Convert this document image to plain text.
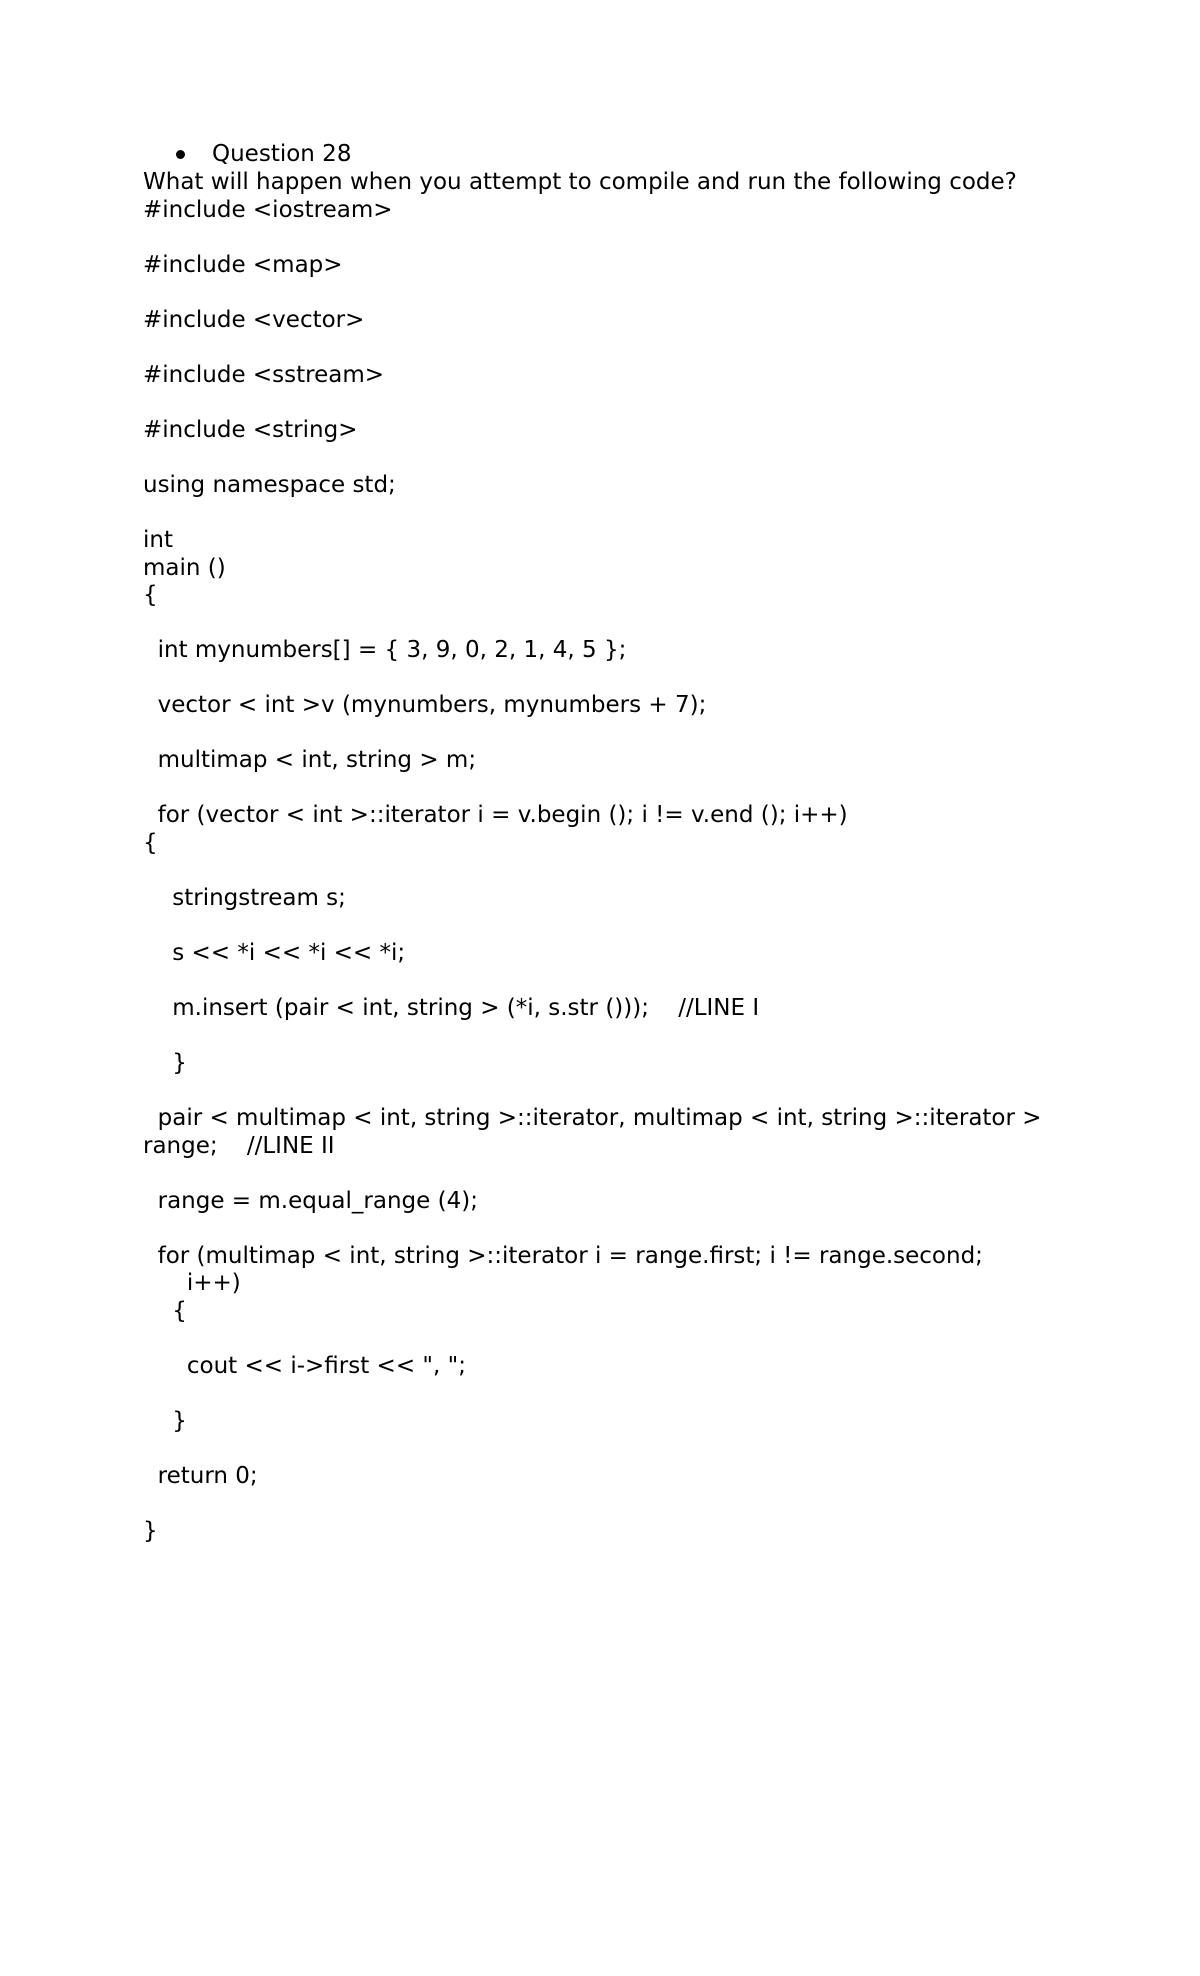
Question 28
What will happen when you attempt to compile and run the following code?
#include <iostream>
#include <map>
#include <vector>
#include <sstream>
#include <string>
using namespace std;
int
main ()
{
int mynumbers[] = { 3, 9, 0, 2, 1, 4, 5 };
vector < int >v (mynumbers, mynumbers + 7);
multimap < int, string > m;
for (vector < int >::iterator i = v.begin (); i != v.end (); i++)
{
stringstream s;
s << *i << *i << *i;
m.insert (pair < int, string > (*i, s.str ()));    //LINE I
}
pair < multimap < int, string >::iterator, multimap < int, string >::iterator >
range;    //LINE II
range = m.equal_range (4);
for (multimap < int, string >::iterator i = range.first; i != range.second;
i++)
{
cout << i->first << ", ";
}
return 0;
}
